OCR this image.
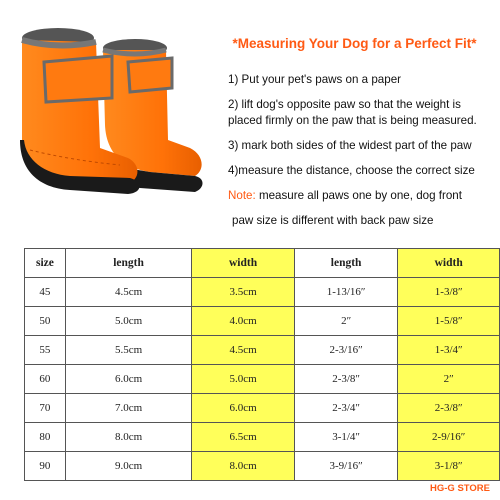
*Measuring Your Dog for a Perfect Fit*

1) Put your pet's paws on a paper

2) lift dog's opposite paw so that the weight is

placed firmly on the paw that is being measured.

3) mark both sides of the widest part of the paw

4)measure the distance, choose the correct size

Note: measure all paws one by one, dog front

paw size is different with back paw size

size	length	width	length	width
45	4.5cm	3.5cm	1-13/16″	1-3/8″
50	5.0cm	4.0cm	2″	1-5/8″
55	5.5cm	4.5cm	2-3/16″	1-3/4″
60	6.0cm	5.0cm	2-3/8″	2″
70	7.0cm	6.0cm	2-3/4″	2-3/8″
80	8.0cm	6.5cm	3-1/4″	2-9/16″
90	9.0cm	8.0cm	3-9/16″	3-1/8″
HG-G STORE
